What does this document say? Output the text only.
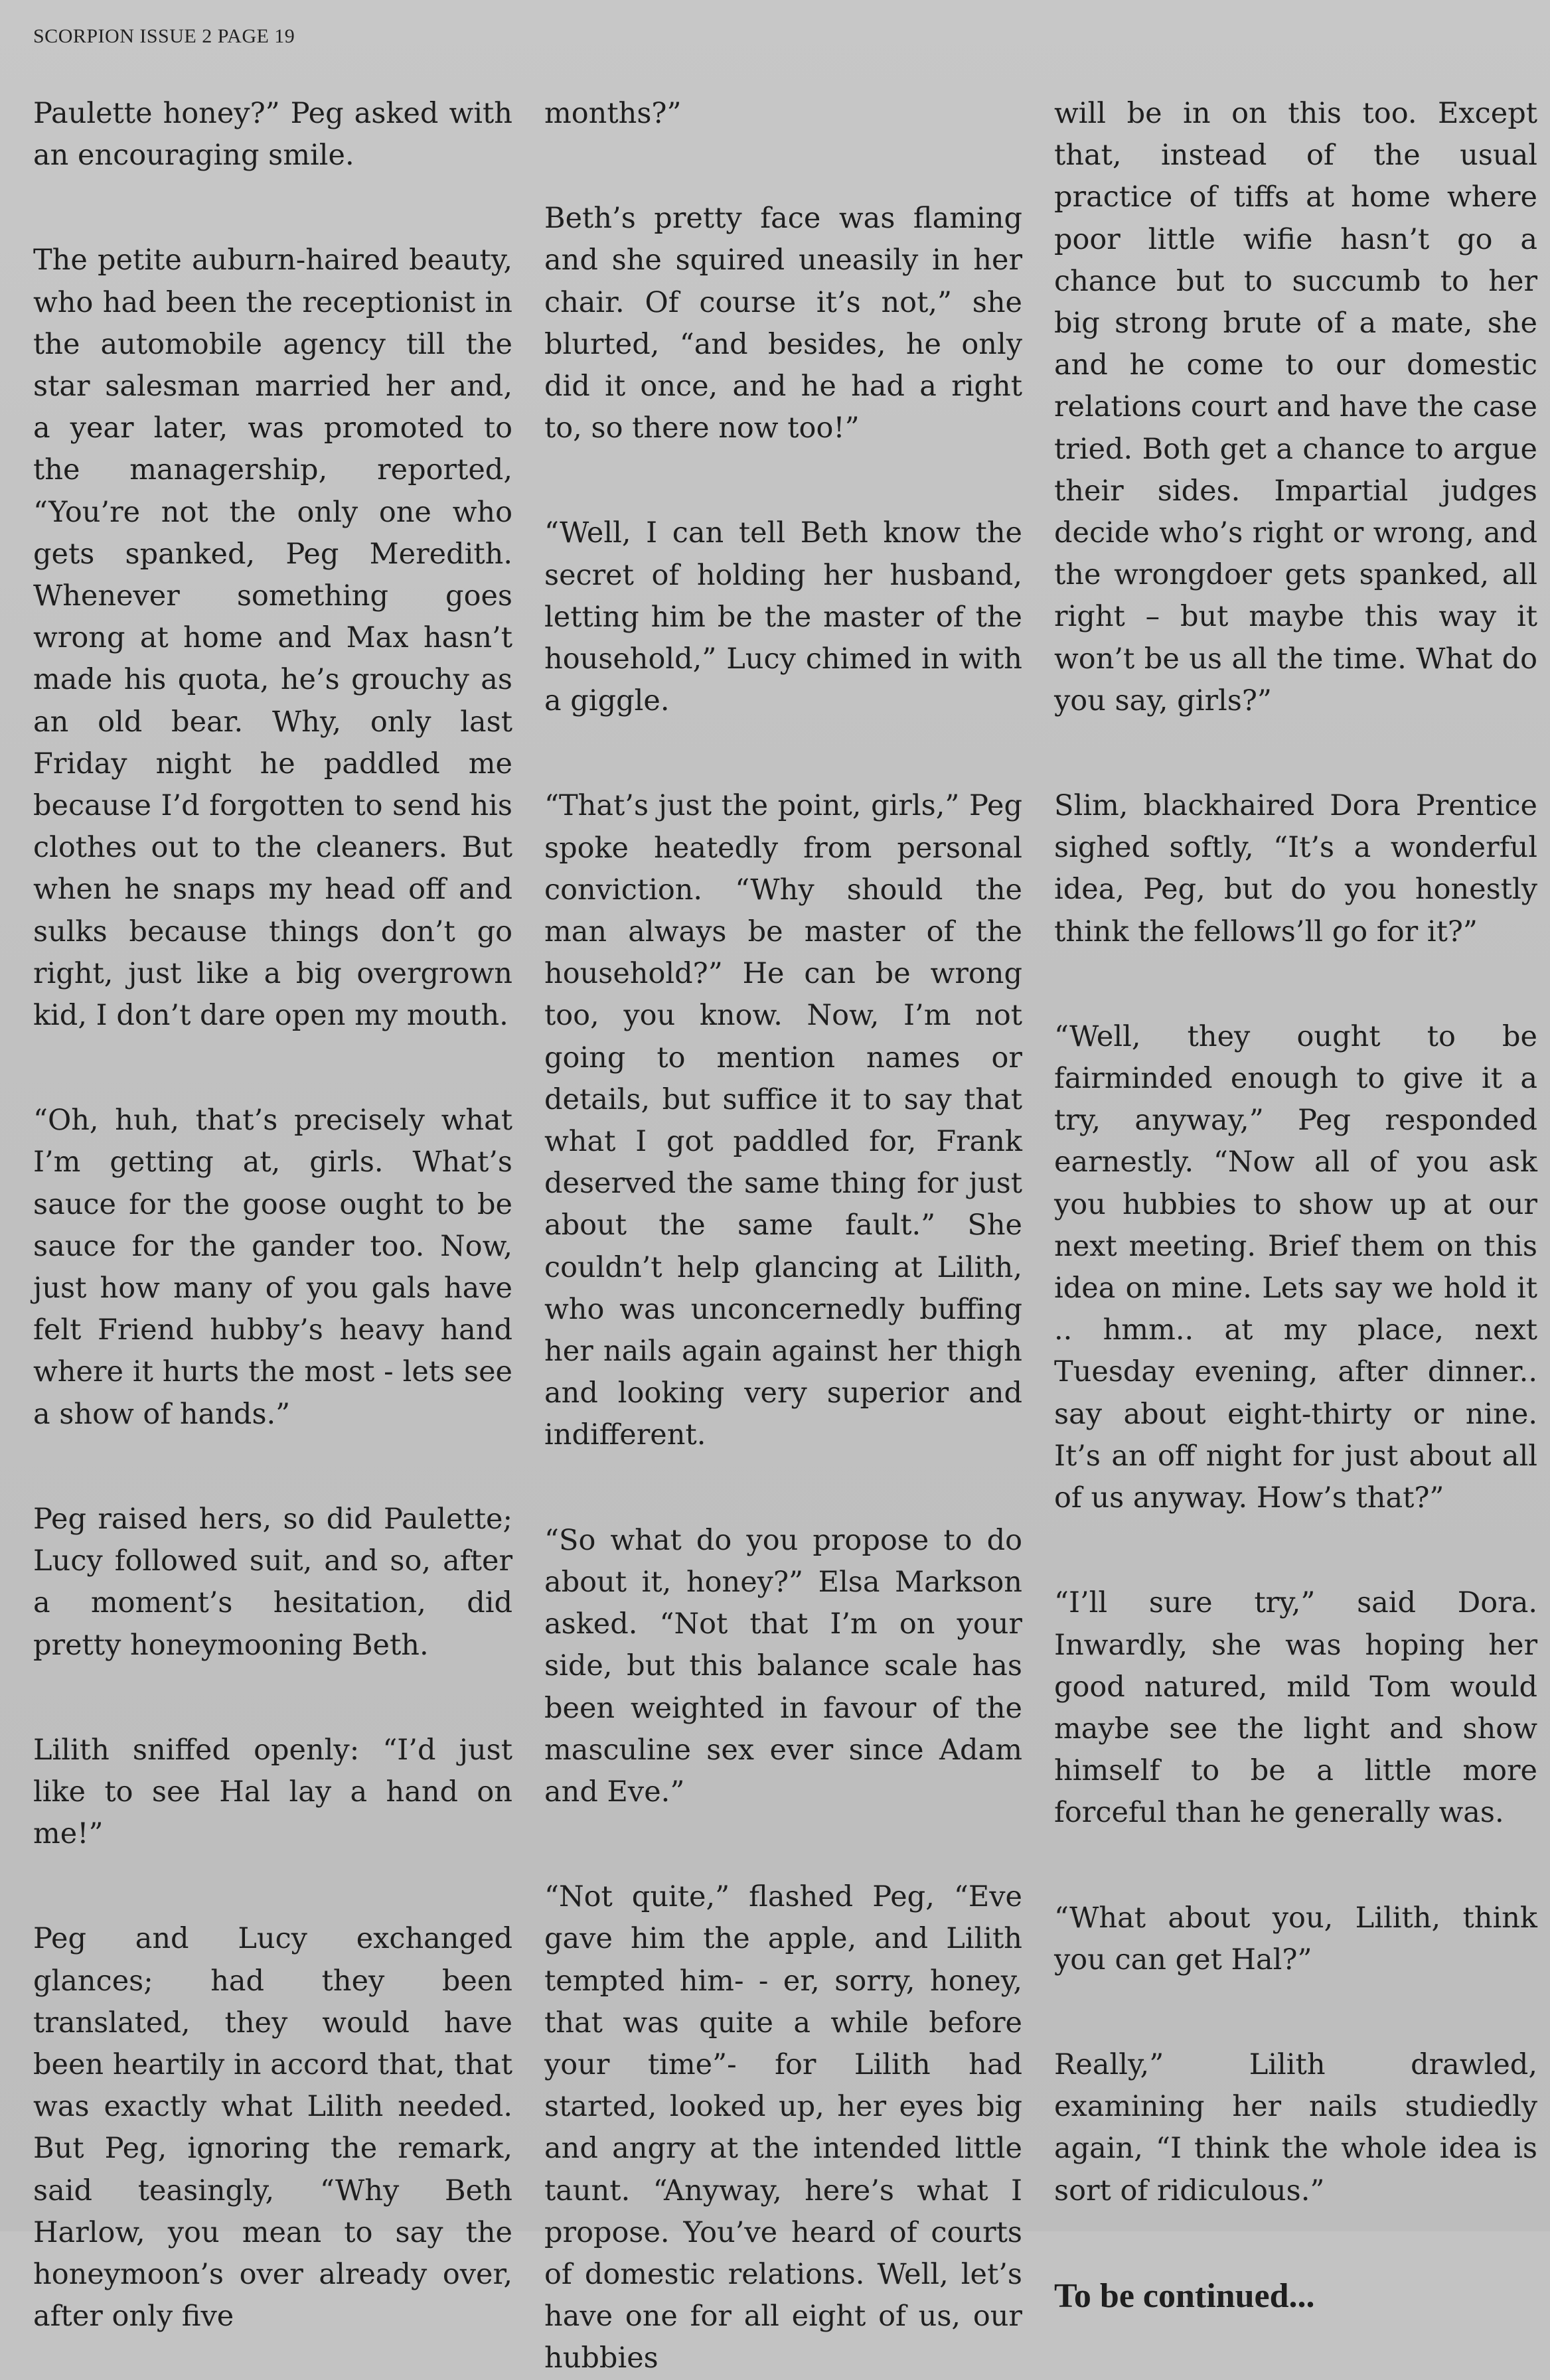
SCORPION ISSUE 2 PAGE 19

Paulette honey?” Peg asked with an encouraging smile.

The petite auburn-haired beauty, who had been the receptionist in the automobile agency till the star salesman married her and, a year later, was promoted to the managership, reported, “You’re not the only one who gets spanked, Peg Meredith. Whenever something goes wrong at home and Max hasn’t made his quota, he’s grouchy as an old bear. Why, only last Friday night he paddled me because I’d forgotten to send his clothes out to the cleaners. But when he snaps my head off and sulks because things don’t go right, just like a big overgrown kid, I don’t dare open my mouth.

“Oh, huh, that’s precisely what I’m getting at, girls. What’s sauce for the goose ought to be sauce for the gander too. Now, just how many of you gals have felt Friend hubby’s heavy hand where it hurts the most - lets see a show of hands.”

Peg raised hers, so did Paulette; Lucy followed suit, and so, after a moment’s hesitation, did pretty honeymooning Beth.

Lilith sniffed openly: “I’d just like to see Hal lay a hand on me!”

Peg and Lucy exchanged glances; had they been translated, they would have been heartily in accord that, that was exactly what Lilith needed. But Peg, ignoring the remark, said teasingly, “Why Beth Harlow, you mean to say the honeymoon’s over already over, after only five

months?”

Beth’s pretty face was flaming and she squired uneasily in her chair. Of course it’s not,” she blurted, “and besides, he only did it once, and he had a right to, so there now too!”

“Well, I can tell Beth know the secret of holding her husband, letting him be the master of the household,” Lucy chimed in with a giggle.

“That’s just the point, girls,” Peg spoke heatedly from personal conviction. “Why should the man always be master of the household?” He can be wrong too, you know. Now, I’m not going to mention names or details, but suffice it to say that what I got paddled for, Frank deserved the same thing for just about the same fault.” She couldn’t help glancing at Lilith, who was unconcernedly buffing her nails again against her thigh and looking very superior and indifferent.

“So what do you propose to do about it, honey?” Elsa Markson asked. “Not that I’m on your side, but this balance scale has been weighted in favour of the masculine sex ever since Adam and Eve.”

“Not quite,” flashed Peg, “Eve gave him the apple, and Lilith tempted him- - er, sorry, honey, that was quite a while before your time”- for Lilith had started, looked up, her eyes big and angry at the intended little taunt. “Anyway, here’s what I propose. You’ve heard of courts of domestic relations. Well, let’s have one for all eight of us, our hubbies

will be in on this too. Except that, instead of the usual practice of tiffs at home where poor little wifie hasn’t go a chance but to succumb to her big strong brute of a mate, she and he come to our domestic relations court and have the case tried. Both get a chance to argue their sides. Impartial judges decide who’s right or wrong, and the wrongdoer gets spanked, all right – but maybe this way it won’t be us all the time. What do you say, girls?”

Slim, blackhaired Dora Prentice sighed softly, “It’s a wonderful idea, Peg, but do you honestly think the fellows’ll go for it?”

“Well, they ought to be fairminded enough to give it a try, anyway,” Peg responded earnestly. “Now all of you ask you hubbies to show up at our next meeting. Brief them on this idea on mine. Lets say we hold it .. hmm.. at my place, next Tuesday evening, after dinner.. say about eight-thirty or nine. It’s an off night for just about all of us anyway. How’s that?”

“I’ll sure try,” said Dora. Inwardly, she was hoping her good natured, mild Tom would maybe see the light and show himself to be a little more forceful than he generally was.

“What about you, Lilith, think you can get Hal?”

Really,” Lilith drawled, examining her nails studiedly again, “I think the whole idea is sort of ridiculous.”

To be continued...
